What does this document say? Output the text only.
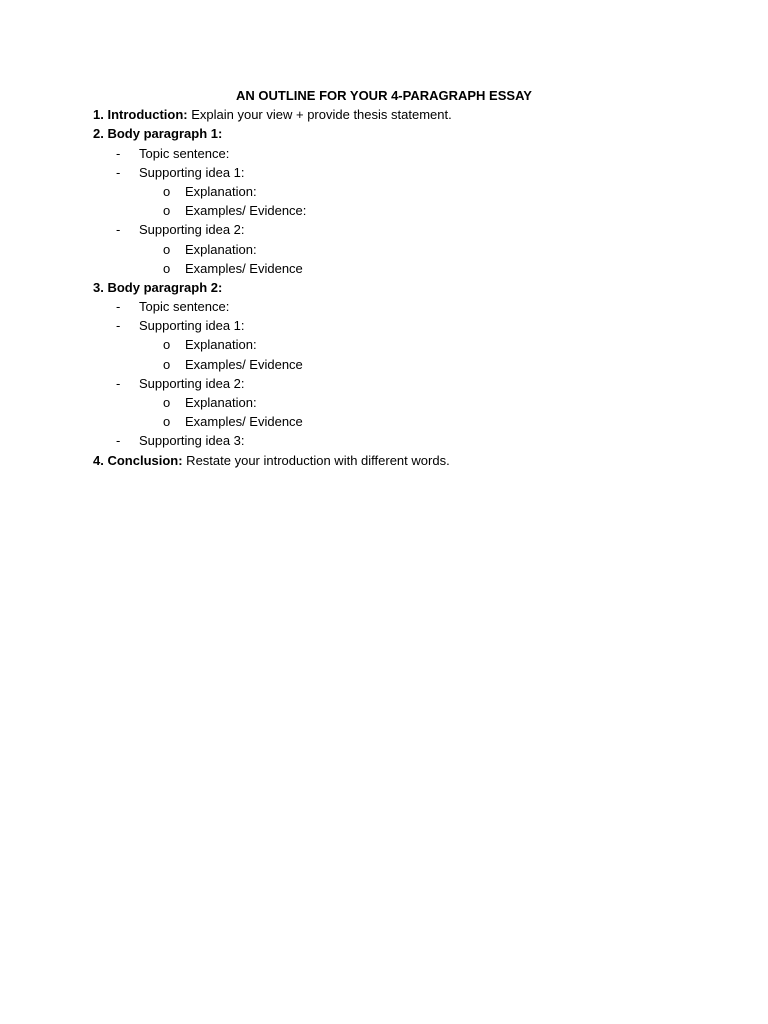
AN OUTLINE FOR YOUR 4-PARAGRAPH ESSAY
1. Introduction: Explain your view + provide thesis statement.
2. Body paragraph 1:
- Topic sentence:
- Supporting idea 1:
o Explanation:
o Examples/ Evidence:
- Supporting idea 2:
o Explanation:
o Examples/ Evidence
3. Body paragraph 2:
- Topic sentence:
- Supporting idea 1:
o Explanation:
o Examples/ Evidence
- Supporting idea 2:
o Explanation:
o Examples/ Evidence
- Supporting idea 3:
4. Conclusion: Restate your introduction with different words.
